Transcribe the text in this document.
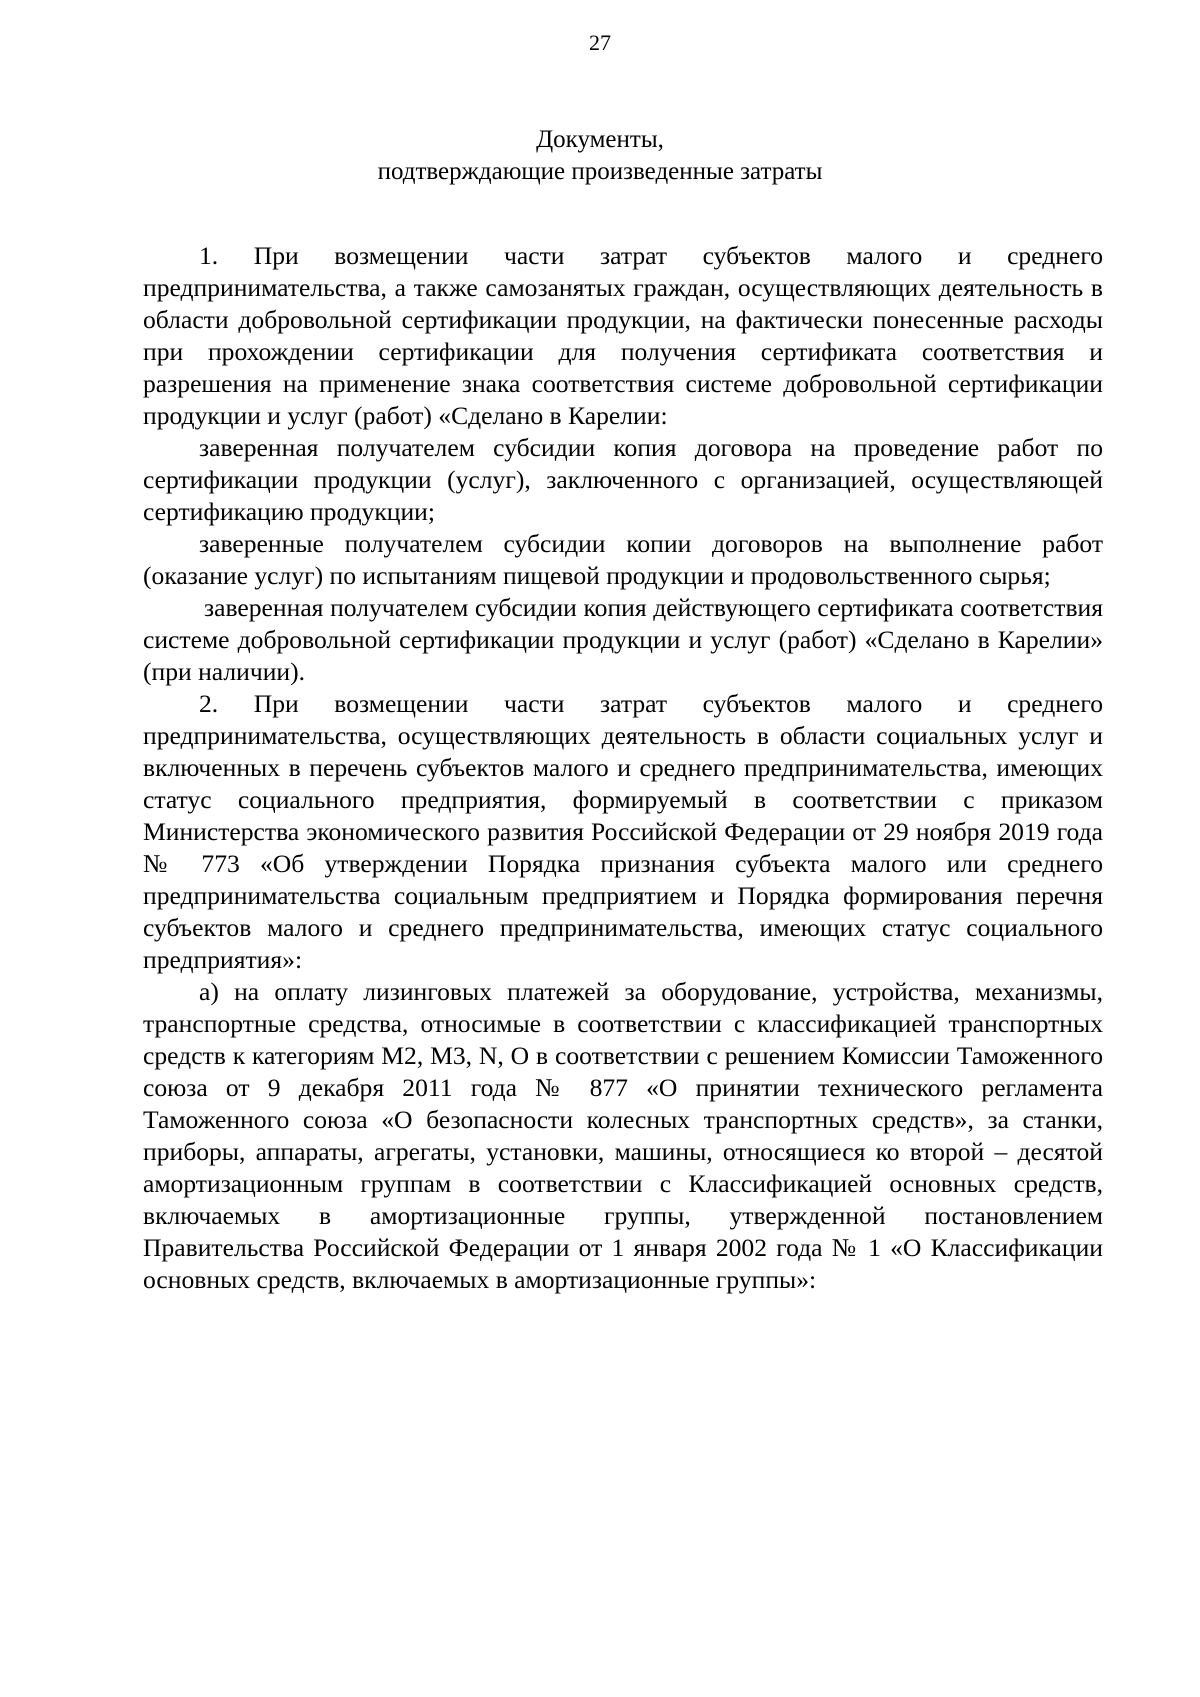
27
Документы,
подтверждающие произведенные затраты

1. При возмещении части затрат субъектов малого и среднего предпринимательства, а также самозанятых граждан, осуществляющих деятельность в области добровольной сертификации продукции, на фактически понесенные расходы при прохождении сертификации для получения сертификата соответствия и разрешения на применение знака соответствия системе добровольной сертификации продукции и услуг (работ) «Сделано в Карелии:

заверенная получателем субсидии копия договора на проведение работ по сертификации продукции (услуг), заключенного с организацией, осуществляющей сертификацию продукции;

заверенные получателем субсидии копии договоров на выполнение работ (оказание услуг) по испытаниям пищевой продукции и продовольственного сырья;

заверенная получателем субсидии копия действующего сертификата соответствия системе добровольной сертификации продукции и услуг (работ) «Сделано в Карелии» (при наличии).

2. При возмещении части затрат субъектов малого и среднего предпринимательства, осуществляющих деятельность в области социальных услуг и включенных в перечень субъектов малого и среднего предпринимательства, имеющих статус социального предприятия, формируемый в соответствии с приказом Министерства экономического развития Российской Федерации от 29 ноября 2019 года № 773 «Об утверждении Порядка признания субъекта малого или среднего предпринимательства социальным предприятием и Порядка формирования перечня субъектов малого и среднего предпринимательства, имеющих статус социального предприятия»:

а) на оплату лизинговых платежей за оборудование, устройства, механизмы, транспортные средства, относимые в соответствии с классификацией транспортных средств к категориям M2, M3, N, O в соответствии с решением Комиссии Таможенного союза от 9 декабря 2011 года № 877 «О принятии технического регламента Таможенного союза «О безопасности колесных транспортных средств», за станки, приборы, аппараты, агрегаты, установки, машины, относящиеся ко второй – десятой амортизационным группам в соответствии с Классификацией основных средств, включаемых в амортизационные группы, утвержденной постановлением Правительства Российской Федерации от 1 января 2002 года № 1 «О Классификации основных средств, включаемых в амортизационные группы»:
